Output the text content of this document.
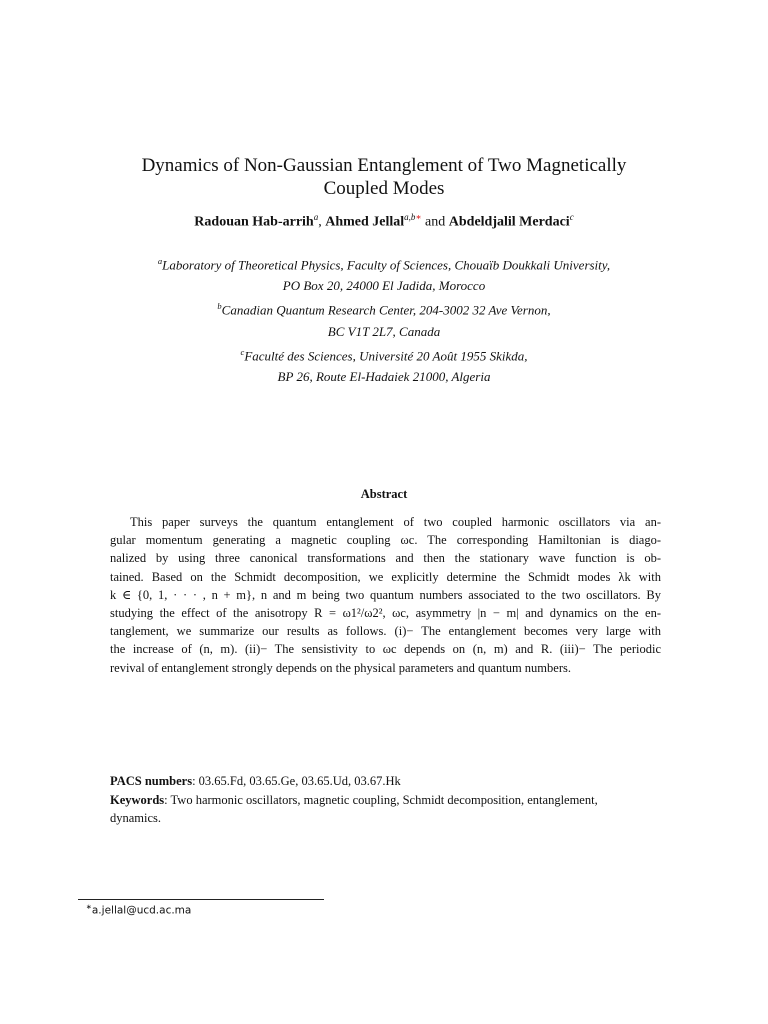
Dynamics of Non-Gaussian Entanglement of Two Magnetically
Coupled Modes
Radouan Hab-arrih$^a$, Ahmed Jellal$^{a,b∗}$ and Abdeldjalil Merdaci$^c$
$^a$Laboratory of Theoretical Physics, Faculty of Sciences, Chouaïb Doukkali University,
PO Box 20, 24000 El Jadida, Morocco
$^b$Canadian Quantum Research Center, 204-3002 32 Ave Vernon,
BC V1T 2L7, Canada
$^c$Faculté des Sciences, Université 20 Août 1955 Skikda,
BP 26, Route El-Hadaiek 21000, Algeria
Abstract
This paper surveys the quantum entanglement of two coupled harmonic oscillators via an-
gular momentum generating a magnetic coupling ωc. The corresponding Hamiltonian is diago-
nalized by using three canonical transformations and then the stationary wave function is ob-
tained. Based on the Schmidt decomposition, we explicitly determine the Schmidt modes λk with
k ∈ {0, 1, · · · , n + m}, n and m being two quantum numbers associated to the two oscillators. By
studying the effect of the anisotropy R = ω1²/ω2², ωc, asymmetry |n − m| and dynamics on the en-
tanglement, we summarize our results as follows. (i)− The entanglement becomes very large with
the increase of (n, m). (ii)− The sensistivity to ωc depends on (n, m) and R. (iii)− The periodic
revival of entanglement strongly depends on the physical parameters and quantum numbers.
PACS numbers: 03.65.Fd, 03.65.Ge, 03.65.Ud, 03.67.Hk
Keywords: Two harmonic oscillators, magnetic coupling, Schmidt decomposition, entanglement,
dynamics.
∗a.jellal@ucd.ac.ma
